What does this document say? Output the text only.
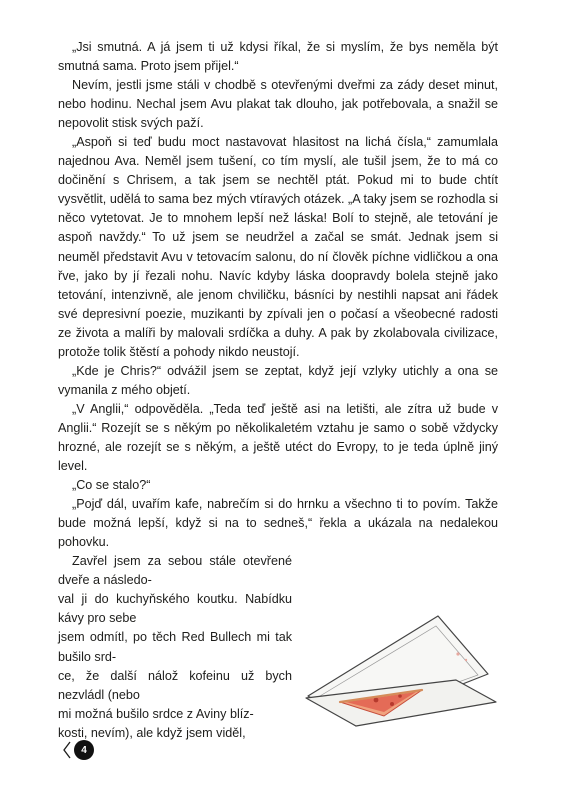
„Jsi smutná. A já jsem ti už kdysi říkal, že si myslím, že bys neměla být smutná sama. Proto jsem přijel.“

Nevím, jestli jsme stáli v chodbě s otevřenými dveřmi za zády deset minut, nebo hodinu. Nechal jsem Avu plakat tak dlouho, jak potřebovala, a snažil se nepovolit stisk svých paží.

„Aspoň si teď budu moct nastavovat hlasitost na lichá čísla,“ zamumlala najednou Ava. Neměl jsem tušení, co tím myslí, ale tušil jsem, že to má co dočinění s Chrisem, a tak jsem se nechtěl ptát. Pokud mi to bude chtít vysvětlit, udělá to sama bez mých vtíravých otázek. „A taky jsem se rozhodla si něco vytetovat. Je to mnohem lepší než láska! Bolí to stejně, ale tetování je aspoň navždy.“ To už jsem se neudržel a začal se smát. Jednak jsem si neuměl představit Avu v tetovacím salonu, do ní člověk píchne vidličkou a ona řve, jako by jí řezali nohu. Navíc kdyby láska doopravdy bolela stejně jako tetování, intenzivně, ale jenom chviličku, básníci by nestihli napsat ani řádek své depresivní poezie, muzikanti by zpívali jen o počasí a všeobecné radosti ze života a malíři by malovali srdíčka a duhy. A pak by zkolabovala civilizace, protože tolik štěstí a pohody nikdo neustojí.

„Kde je Chris?“ odvážil jsem se zeptat, když její vzlyky utichly a ona se vymanila z mého objetí.

„V Anglii,“ odpověděla. „Teda teď ještě asi na letišti, ale zítra už bude v Anglii.“ Rozejít se s někým po několikaletém vztahu je samo o sobě vždycky hrozné, ale rozejít se s někým, a ještě utéct do Evropy, to je teda úplně jiný level.

„Co se stalo?“

„Pojď dál, uvařím kafe, nabrečím si do hrnku a všechno ti to povím. Takže bude možná lepší, když si na to sedneš,“ řekla a ukázala na nedalekou pohovku.

Zavřel jsem za sebou stále otevřené dveře a následo-
val ji do kuchyňského koutku. Nabídku kávy pro sebe
jsem odmítl, po těch Red Bullech mi tak bušilo srd-
ce, že další nálož kofeinu už bych nezvládl (nebo
mi možná bušilo srdce z Aviny blíz-
kosti, nevím), ale když jsem viděl,

4
